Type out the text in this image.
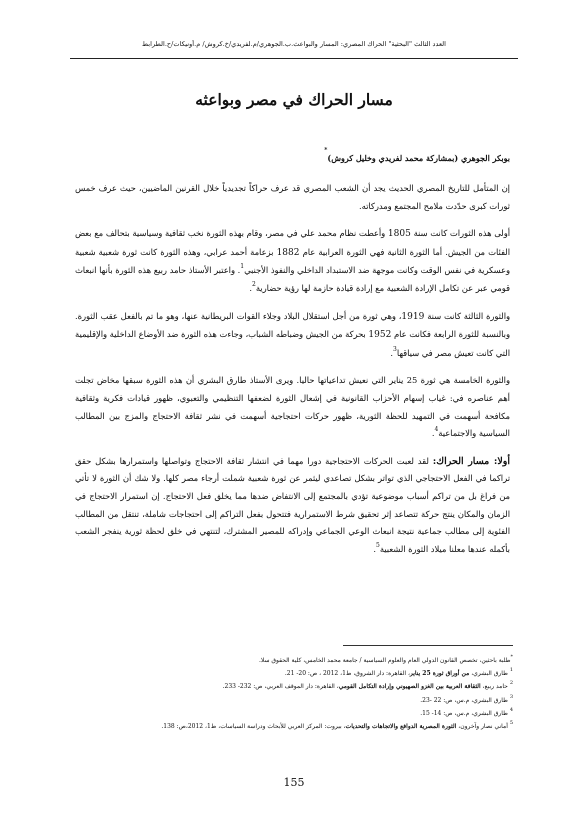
العدد الثالث "البحثية" الحراك المصري: المسار والبواعث.ب.الجوهري/م.لفريدي/خ.كروش/ م.أونيكات/ح.الطرابط
مسار الحراك في مصر وبواعثه
بوبكر الجوهري (بمشاركة محمد لفريدي وخليل كروش)*

إن المتأمل للتاريخ المصري الحديث يجد أن الشعب المصري قد عرف حراكاً تجديدياً خلال القرنين الماضيين، حيث عرف خمس ثورات كبرى حدّدت ملامح المجتمع ومدركاته.

أولى هذه الثورات كانت سنة 1805 وأعطت نظام محمد علي في مصر، وقام بهذه الثورة نخب ثقافية وسياسية بتحالف مع بعض الفئات من الجيش. أما الثورة الثانية فهي الثورة العرابية عام 1882 بزعامة أحمد عرابي، وهذه الثورة كانت ثورة شعبية شعبية وعسكرية في نفس الوقت وكانت موجهة ضد الاستبداد الداخلي والنفوذ الأجنبي$^1$. واعتبر الأستاذ حامد ربيع هذه الثورة بأنها انبعاث قومي عبر عن تكامل الإرادة الشعبية مع إرادة قيادة حازمة لها رؤية حضارية$^2$.

والثورة الثالثة كانت سنة 1919، وهي ثورة من أجل استقلال البلاد وجلاء القوات البريطانية عنها، وهو ما تم بالفعل عقب الثورة. وبالنسبة للثورة الرابعة فكانت عام 1952 بحركة من الجيش وضباطه الشباب، وجاءت هذه الثورة ضد الأوضاع الداخلية والإقليمية التي كانت تعيش مصر في سياقها$^3$.

والثورة الخامسة هي ثورة 25 يناير التي نعيش تداعياتها حاليا. ويرى الأستاذ طارق البشري أن هذه الثورة سبقها مخاض تجلت أهم عناصره في: غياب إسهام الأحزاب القانونية في إشعال الثورة لضعفها التنظيمي والتعبوي، ظهور قيادات فكرية وثقافية مكافحة أسهمت في التمهيد للحظة الثورية، ظهور حركات احتجاجية أسهمت في نشر ثقافة الاحتجاج والمزج بين المطالب السياسية والاجتماعية$^4$.

أولا: مسار الحراك: لقد لعبت الحركات الاحتجاجية دورا مهما في انتشار ثقافة الاحتجاج وتواصلها واستمرارها بشكل حقق تراكما في الفعل الاحتجاجي الذي تواتر بشكل تصاعدي ليثمر عن ثورة شعبية شملت أرجاء مصر كلها. ولا شك أن الثورة لا تأتي من فراغ بل من تراكم أسباب موضوعية تؤدي بالمجتمع إلى الانتفاض ضدها مما يخلق فعل الاحتجاج. إن استمرار الاحتجاج في الزمان والمكان ينتج حركة تتصاعد إثر تحقيق شرط الاستمرارية فتتحول بفعل التراكم إلى احتجاجات شاملة، تنتقل من المطالب الفئوية إلى مطالب جماعية نتيجة انبعاث الوعي الجماعي وإدراكه للمصير المشترك، لتنتهي في خلق لحظة ثورية ينفجر الشعب بأكمله عندها معلنا ميلاد الثورة الشعبية$^5$.

*طلبة باحثين، تخصص القانون الدولي العام والعلوم السياسية / جامعة محمد الخامس، كلية الحقوق سلا.
$^1$ طارق البشري، من أوراق ثورة 25 يناير، القاهرة: دار الشروق، ط1، 2012 ، ص: 20- 21.
$^2$ حامد ربيع، الثقافة العربية بين الغزو الصهيوني وإرادة التكامل القومي، القاهرة: دار الموقف العربي، ص: 232- 233.
$^3$ طارق البشري، م.س، ص: 22 -23.
$^4$ طارق البشري، م.س، ص: 14- 15.
$^5$ أماني نصار وآخرون، الثورة المصرية الدوافع والاتجاهات والتحديات، بيروت: المركز العربي للأبحاث ودراسة السياسات، ط1، 2012،ص: 138.
155
